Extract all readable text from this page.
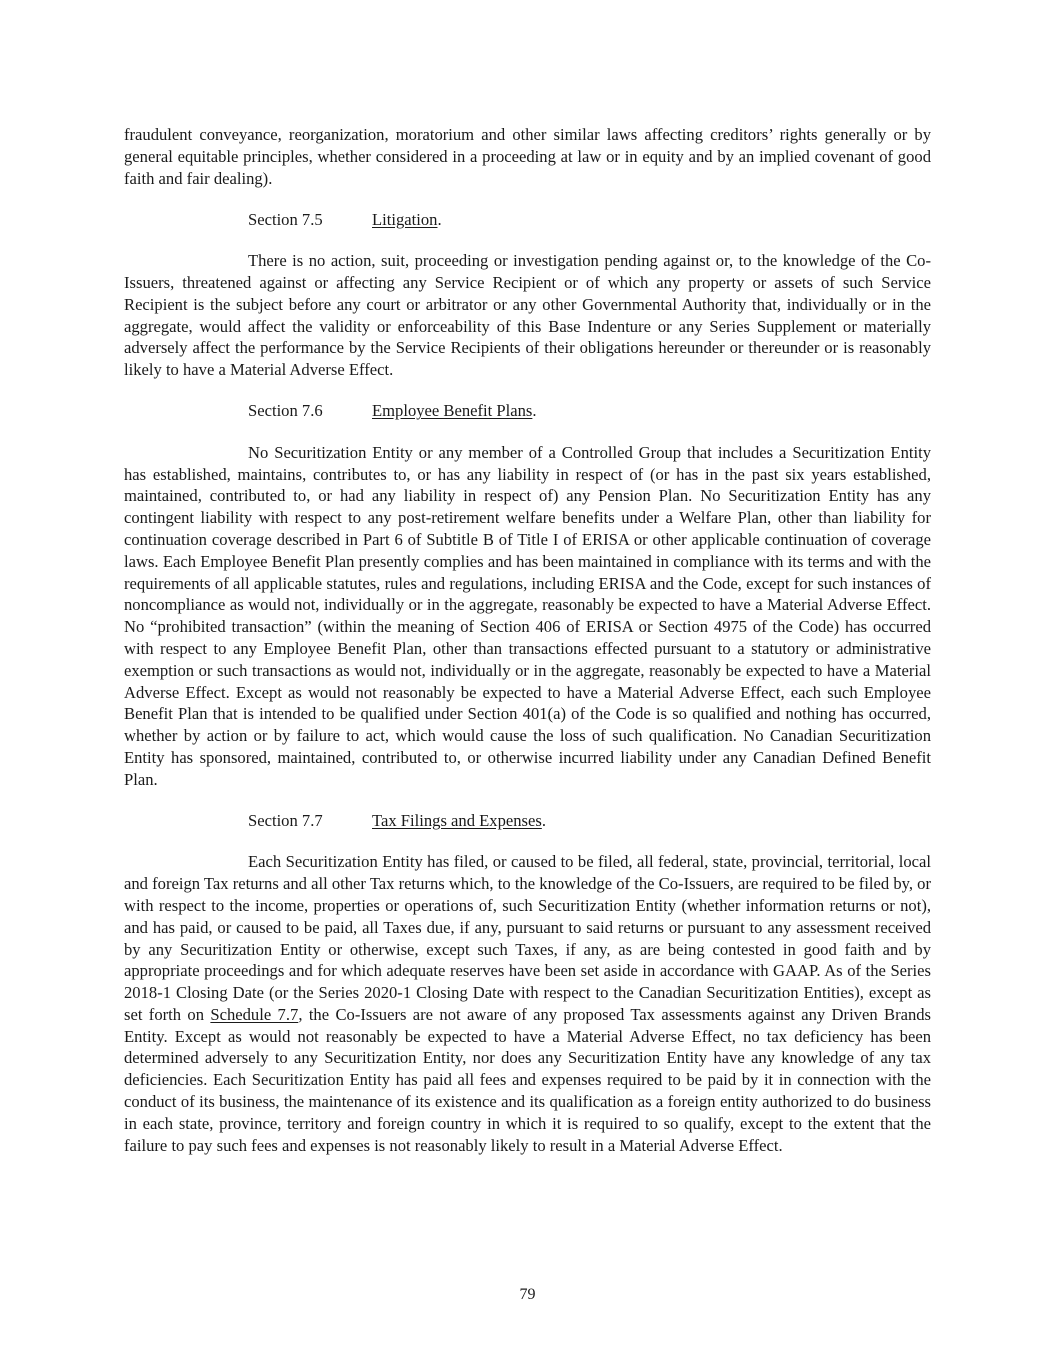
fraudulent conveyance, reorganization, moratorium and other similar laws affecting creditors’ rights generally or by general equitable principles, whether considered in a proceeding at law or in equity and by an implied covenant of good faith and fair dealing).

Section 7.5	Litigation.

There is no action, suit, proceeding or investigation pending against or, to the knowledge of the Co-Issuers, threatened against or affecting any Service Recipient or of which any property or assets of such Service Recipient is the subject before any court or arbitrator or any other Governmental Authority that, individually or in the aggregate, would affect the validity or enforceability of this Base Indenture or any Series Supplement or materially adversely affect the performance by the Service Recipients of their obligations hereunder or thereunder or is reasonably likely to have a Material Adverse Effect.

Section 7.6	Employee Benefit Plans.

No Securitization Entity or any member of a Controlled Group that includes a Securitization Entity has established, maintains, contributes to, or has any liability in respect of (or has in the past six years established, maintained, contributed to, or had any liability in respect of) any Pension Plan. No Securitization Entity has any contingent liability with respect to any post-retirement welfare benefits under a Welfare Plan, other than liability for continuation coverage described in Part 6 of Subtitle B of Title I of ERISA or other applicable continuation of coverage laws. Each Employee Benefit Plan presently complies and has been maintained in compliance with its terms and with the requirements of all applicable statutes, rules and regulations, including ERISA and the Code, except for such instances of noncompliance as would not, individually or in the aggregate, reasonably be expected to have a Material Adverse Effect. No “prohibited transaction” (within the meaning of Section 406 of ERISA or Section 4975 of the Code) has occurred with respect to any Employee Benefit Plan, other than transactions effected pursuant to a statutory or administrative exemption or such transactions as would not, individually or in the aggregate, reasonably be expected to have a Material Adverse Effect. Except as would not reasonably be expected to have a Material Adverse Effect, each such Employee Benefit Plan that is intended to be qualified under Section 401(a) of the Code is so qualified and nothing has occurred, whether by action or by failure to act, which would cause the loss of such qualification. No Canadian Securitization Entity has sponsored, maintained, contributed to, or otherwise incurred liability under any Canadian Defined Benefit Plan.

Section 7.7	Tax Filings and Expenses.

Each Securitization Entity has filed, or caused to be filed, all federal, state, provincial, territorial, local and foreign Tax returns and all other Tax returns which, to the knowledge of the Co-Issuers, are required to be filed by, or with respect to the income, properties or operations of, such Securitization Entity (whether information returns or not), and has paid, or caused to be paid, all Taxes due, if any, pursuant to said returns or pursuant to any assessment received by any Securitization Entity or otherwise, except such Taxes, if any, as are being contested in good faith and by appropriate proceedings and for which adequate reserves have been set aside in accordance with GAAP. As of the Series 2018-1 Closing Date (or the Series 2020-1 Closing Date with respect to the Canadian Securitization Entities), except as set forth on Schedule 7.7, the Co-Issuers are not aware of any proposed Tax assessments against any Driven Brands Entity. Except as would not reasonably be expected to have a Material Adverse Effect, no tax deficiency has been determined adversely to any Securitization Entity, nor does any Securitization Entity have any knowledge of any tax deficiencies. Each Securitization Entity has paid all fees and expenses required to be paid by it in connection with the conduct of its business, the maintenance of its existence and its qualification as a foreign entity authorized to do business in each state, province, territory and foreign country in which it is required to so qualify, except to the extent that the failure to pay such fees and expenses is not reasonably likely to result in a Material Adverse Effect.

79
